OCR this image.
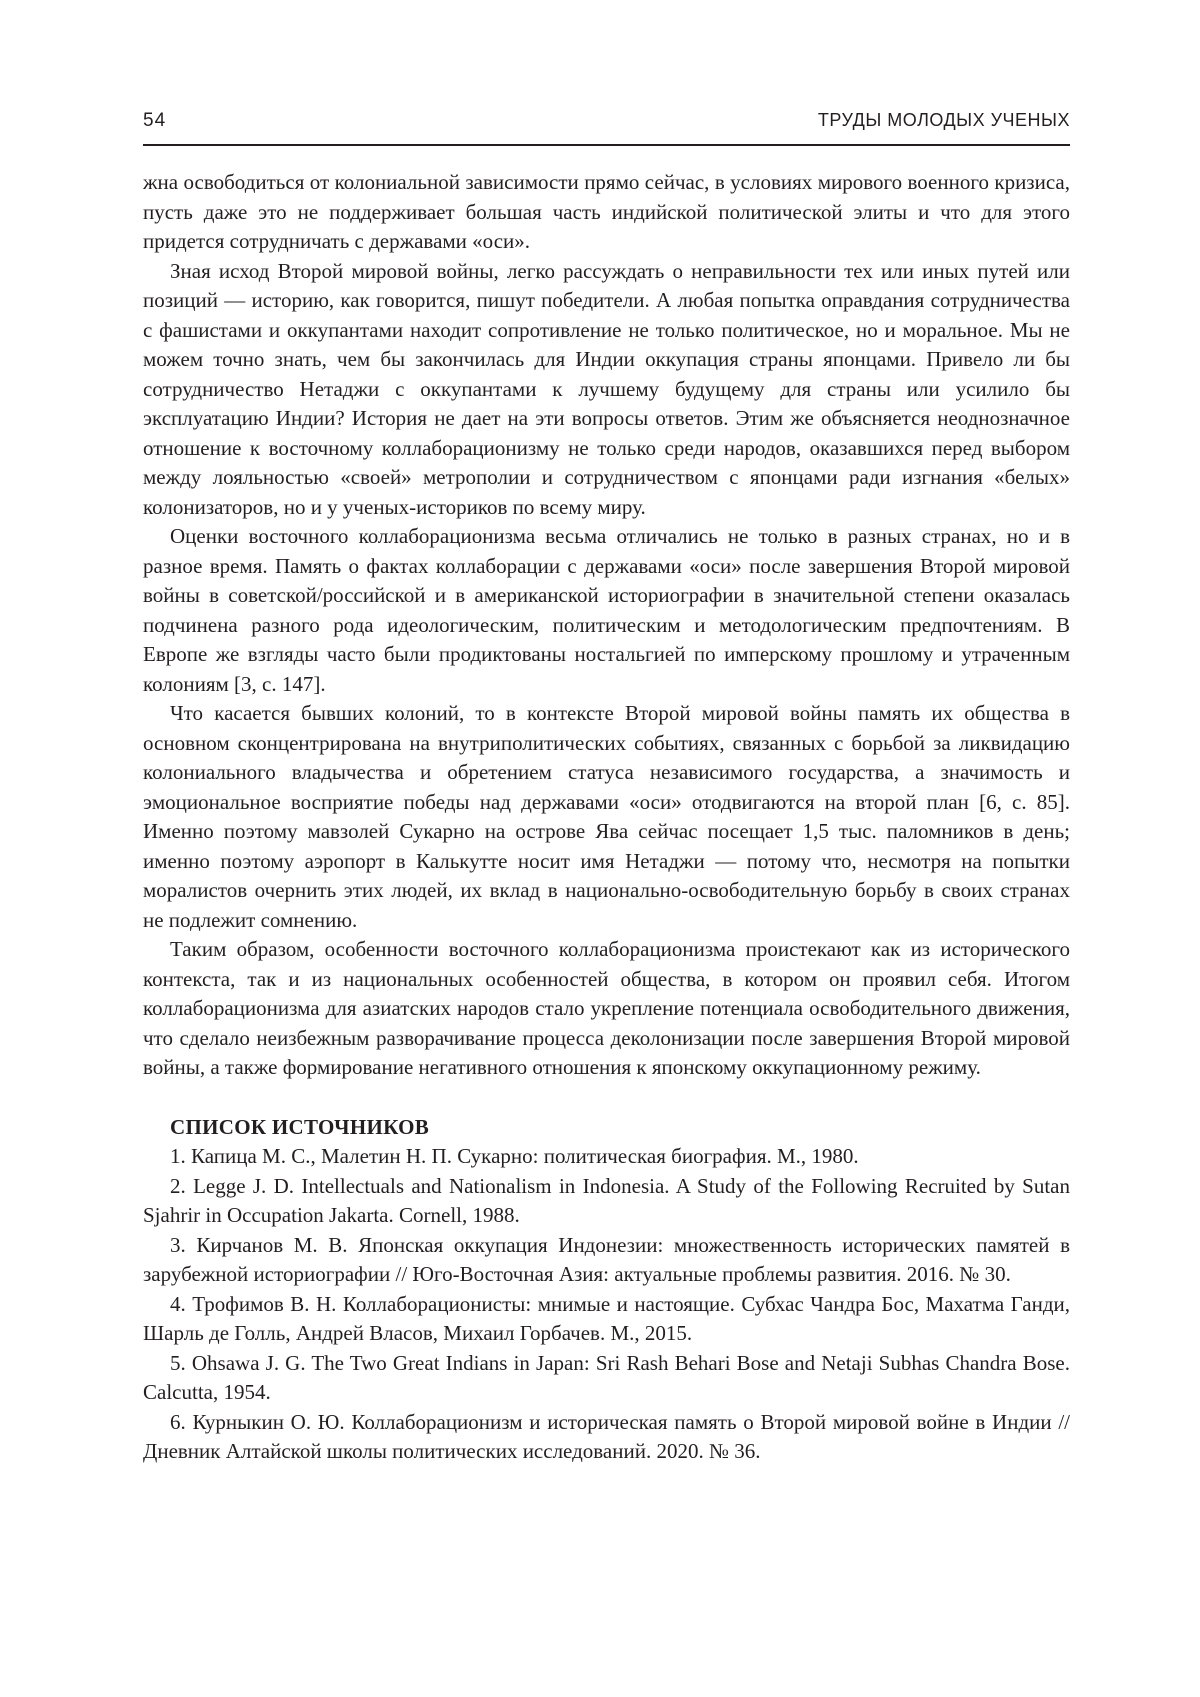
54	ТРУДЫ МОЛОДЫХ УЧЕНЫХ

жна освободиться от колониальной зависимости прямо сейчас, в условиях мирового военного кризиса, пусть даже это не поддерживает большая часть индийской политической элиты и что для этого придется сотрудничать с державами «оси».

Зная исход Второй мировой войны, легко рассуждать о неправильности тех или иных путей или позиций — историю, как говорится, пишут победители. А любая попытка оправдания сотрудничества с фашистами и оккупантами находит сопротивление не только политическое, но и моральное. Мы не можем точно знать, чем бы закончилась для Индии оккупация страны японцами. Привело ли бы сотрудничество Нетаджи с оккупантами к лучшему будущему для страны или усилило бы эксплуатацию Индии? История не дает на эти вопросы ответов. Этим же объясняется неоднозначное отношение к восточному коллаборационизму не только среди народов, оказавшихся перед выбором между лояльностью «своей» метрополии и сотрудничеством с японцами ради изгнания «белых» колонизаторов, но и у ученых-историков по всему миру.

Оценки восточного коллаборационизма весьма отличались не только в разных странах, но и в разное время. Память о фактах коллаборации с державами «оси» после завершения Второй мировой войны в советской/российской и в американской историографии в значительной степени оказалась подчинена разного рода идеологическим, политическим и методологическим предпочтениям. В Европе же взгляды часто были продиктованы ностальгией по имперскому прошлому и утраченным колониям [3, с. 147].

Что касается бывших колоний, то в контексте Второй мировой войны память их общества в основном сконцентрирована на внутриполитических событиях, связанных с борьбой за ликвидацию колониального владычества и обретением статуса независимого государства, а значимость и эмоциональное восприятие победы над державами «оси» отодвигаются на второй план [6, с. 85]. Именно поэтому мавзолей Сукарно на острове Ява сейчас посещает 1,5 тыс. паломников в день; именно поэтому аэропорт в Калькутте носит имя Нетаджи — потому что, несмотря на попытки моралистов очернить этих людей, их вклад в национально-освободительную борьбу в своих странах не подлежит сомнению.

Таким образом, особенности восточного коллаборационизма проистекают как из исторического контекста, так и из национальных особенностей общества, в котором он проявил себя. Итогом коллаборационизма для азиатских народов стало укрепление потенциала освободительного движения, что сделало неизбежным разворачивание процесса деколонизации после завершения Второй мировой войны, а также формирование негативного отношения к японскому оккупационному режиму.

СПИСОК ИСТОЧНИКОВ

1. Капица М. С., Малетин Н. П. Сукарно: политическая биография. М., 1980.
2. Legge J. D. Intellectuals and Nationalism in Indonesia. A Study of the Following Recruited by Sutan Sjahrir in Occupation Jakarta. Cornell, 1988.
3. Кирчанов М. В. Японская оккупация Индонезии: множественность исторических памятей в зарубежной историографии // Юго-Восточная Азия: актуальные проблемы развития. 2016. № 30.
4. Трофимов В. Н. Коллаборационисты: мнимые и настоящие. Субхас Чандра Бос, Махатма Ганди, Шарль де Голль, Андрей Власов, Михаил Горбачев. М., 2015.
5. Ohsawa J. G. The Two Great Indians in Japan: Sri Rash Behari Bose and Netaji Subhas Chandra Bose. Calcutta, 1954.
6. Курныкин О. Ю. Коллаборационизм и историческая память о Второй мировой войне в Индии // Дневник Алтайской школы политических исследований. 2020. № 36.
